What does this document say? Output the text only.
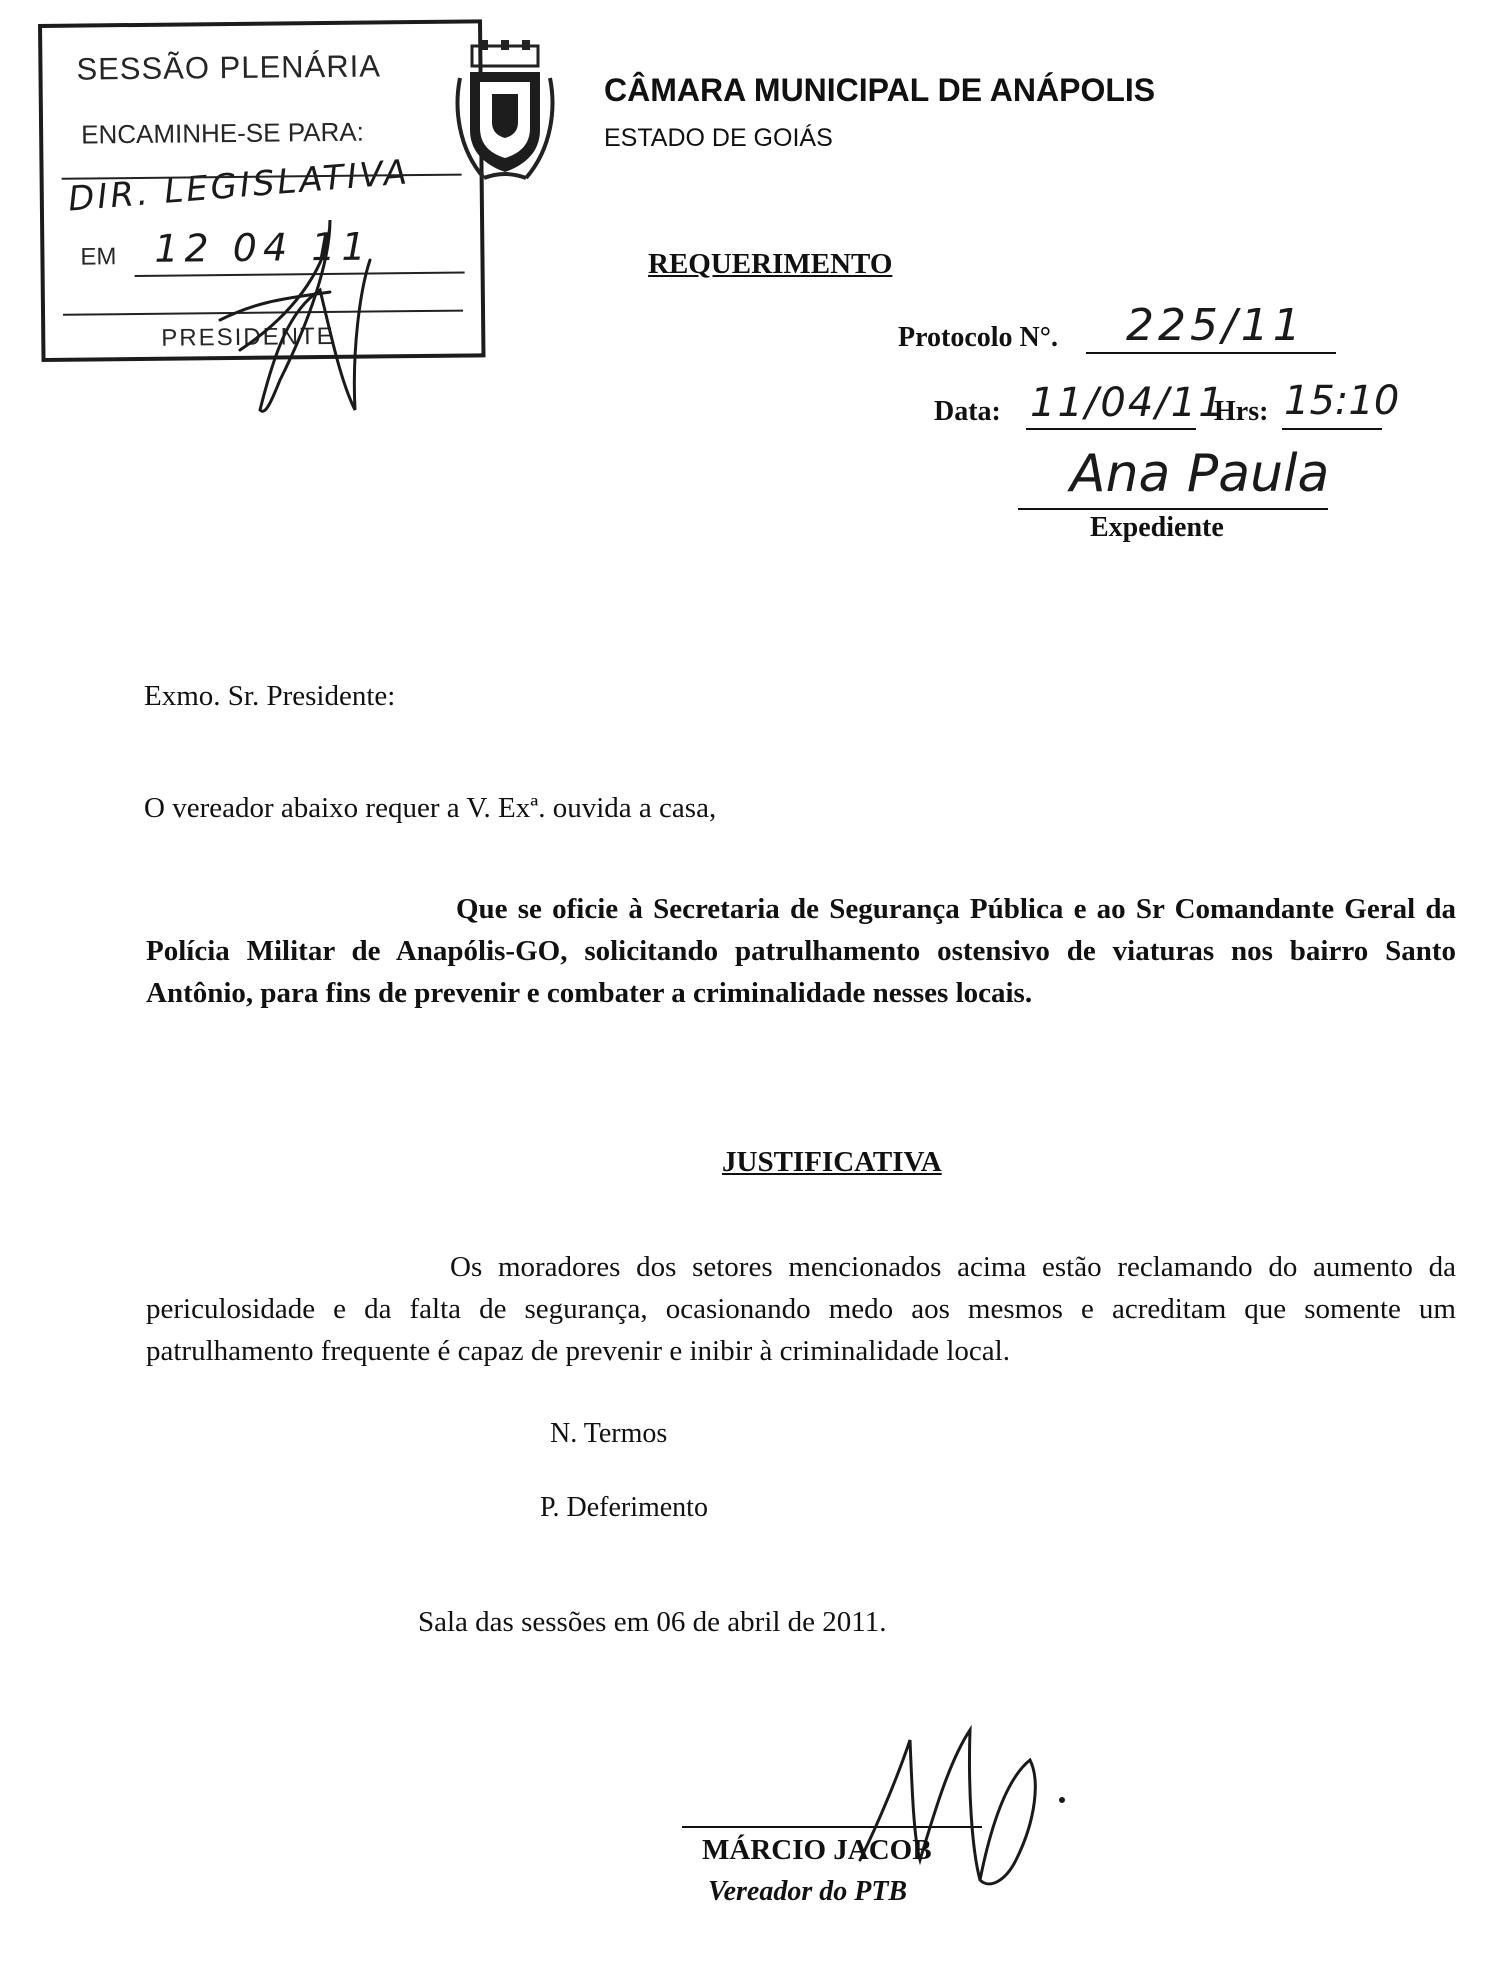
SESSÃO PLENÁRIA
ENCAMINHE-SE PARA:
DIR. LEGISLATIVA
EM 12 04 11
PRESIDENTE
CÂMARA MUNICIPAL DE ANÁPOLIS
ESTADO DE GOIÁS
REQUERIMENTO
Protocolo N°. 225/11
Data: 11/04/11
Hrs: 15:10
Ana Paula
Expediente
Exmo. Sr. Presidente:
O vereador abaixo requer a V. Exª. ouvida a casa,
Que se oficie à Secretaria de Segurança Pública e ao Sr Comandante Geral da Polícia Militar de Anapólis-GO, solicitando patrulhamento ostensivo de viaturas nos bairro Santo Antônio, para fins de prevenir e combater a criminalidade nesses locais.
JUSTIFICATIVA
Os moradores dos setores mencionados acima estão reclamando do aumento da periculosidade e da falta de segurança, ocasionando medo aos mesmos e acreditam que somente um patrulhamento frequente é capaz de prevenir e inibir à criminalidade local.
N. Termos
P. Deferimento
Sala das sessões em 06 de abril de 2011.
MÁRCIO JACOB
Vereador do PTB
